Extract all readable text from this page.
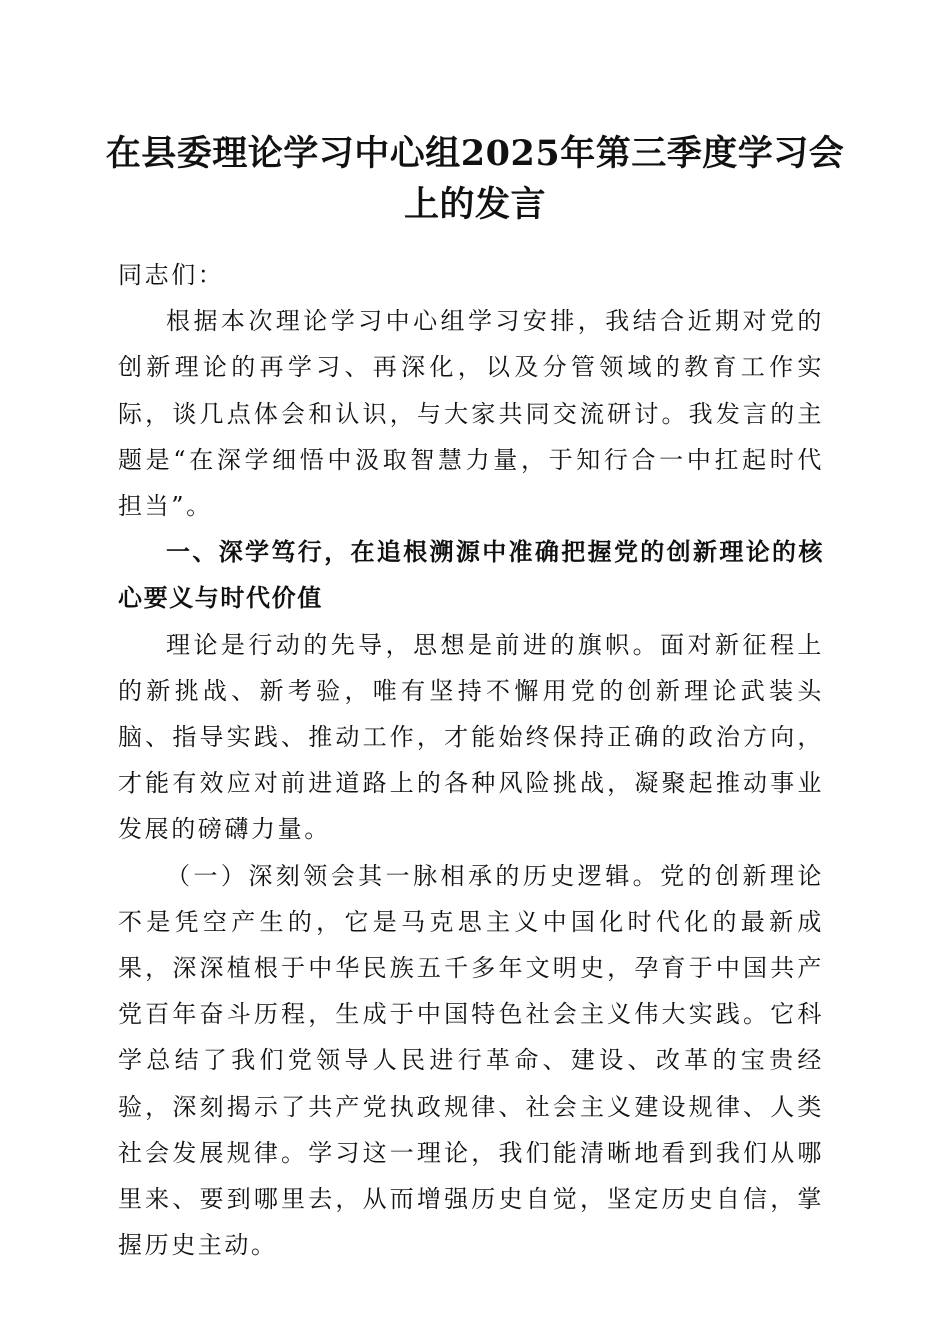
在县委理论学习中心组2025年第三季度学习会上的发言

同志们：

根据本次理论学习中心组学习安排，我结合近期对党的创新理论的再学习、再深化，以及分管领域的教育工作实际，谈几点体会和认识，与大家共同交流研讨。我发言的主题是“在深学细悟中汲取智慧力量，于知行合一中扛起时代担当”。

一、深学笃行，在追根溯源中准确把握党的创新理论的核心要义与时代价值

理论是行动的先导，思想是前进的旗帜。面对新征程上的新挑战、新考验，唯有坚持不懈用党的创新理论武装头脑、指导实践、推动工作，才能始终保持正确的政治方向，才能有效应对前进道路上的各种风险挑战，凝聚起推动事业发展的磅礴力量。

（一）深刻领会其一脉相承的历史逻辑。党的创新理论不是凭空产生的，它是马克思主义中国化时代化的最新成果，深深植根于中华民族五千多年文明史，孕育于中国共产党百年奋斗历程，生成于中国特色社会主义伟大实践。它科学总结了我们党领导人民进行革命、建设、改革的宝贵经验，深刻揭示了共产党执政规律、社会主义建设规律、人类社会发展规律。学习这一理论，我们能清晰地看到我们从哪里来、要到哪里去，从而增强历史自觉，坚定历史自信，掌握历史主动。
